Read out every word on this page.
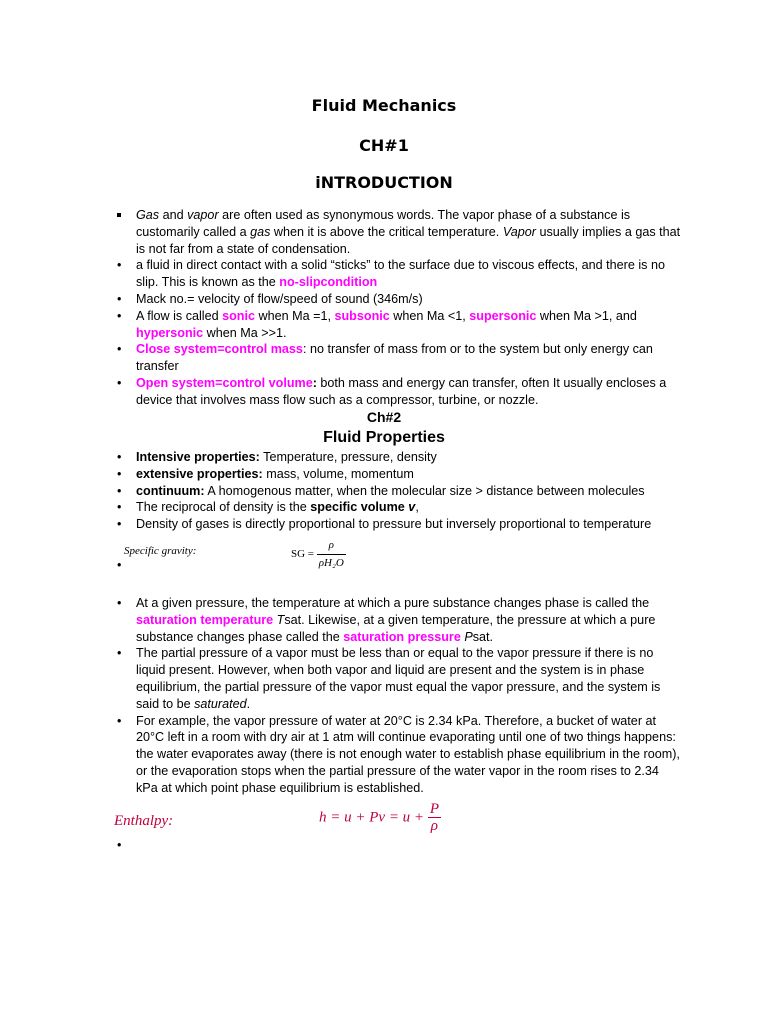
Fluid Mechanics
CH#1
iNTRODUCTION
Gas and vapor are often used as synonymous words. The vapor phase of a substance is customarily called a gas when it is above the critical temperature. Vapor usually implies a gas that is not far from a state of condensation.
• a fluid in direct contact with a solid “sticks” to the surface due to viscous effects, and there is no slip. This is known as the no-slipcondition
• Mack no.= velocity of flow/speed of sound (346m/s)
• A flow is called sonic when Ma =1, subsonic when Ma <1, supersonic when Ma >1, and hypersonic when Ma >>1.
• Close system=control mass: no transfer of mass from or to the system but only energy can transfer
• Open system=control volume: both mass and energy can transfer, often It usually encloses a device that involves mass flow such as a compressor, turbine, or nozzle.
Ch#2
Fluid Properties
• Intensive properties: Temperature, pressure, density
• extensive properties: mass, volume, momentum
• continuum: A homogenous matter, when the molecular size > distance between molecules
• The reciprocal of density is the specific volume v,
• Density of gases is directly proportional to pressure but inversely proportional to temperature
•
Specific gravity:	SG = $\frac{\rho}{\text{ρH₂O}}$
• At a given pressure, the temperature at which a pure substance changes phase is called the saturation temperature Tsat. Likewise, at a given temperature, the pressure at which a pure substance changes phase called the saturation pressure Psat.
• The partial pressure of a vapor must be less than or equal to the vapor pressure if there is no liquid present. However, when both vapor and liquid are present and the system is in phase equilibrium, the partial pressure of the vapor must equal the vapor pressure, and the system is said to be saturated.
• For example, the vapor pressure of water at 20°C is 2.34 kPa. Therefore, a bucket of water at 20°C left in a room with dry air at 1 atm will continue evaporating until one of two things happens: the water evaporates away (there is not enough water to establish phase equilibrium in the room), or the evaporation stops when the partial pressure of the water vapor in the room rises to 2.34 kPa at which point phase equilibrium is established.
•
Enthalpy:	$h = u + Pv = u + \frac{P}{\rho}$
